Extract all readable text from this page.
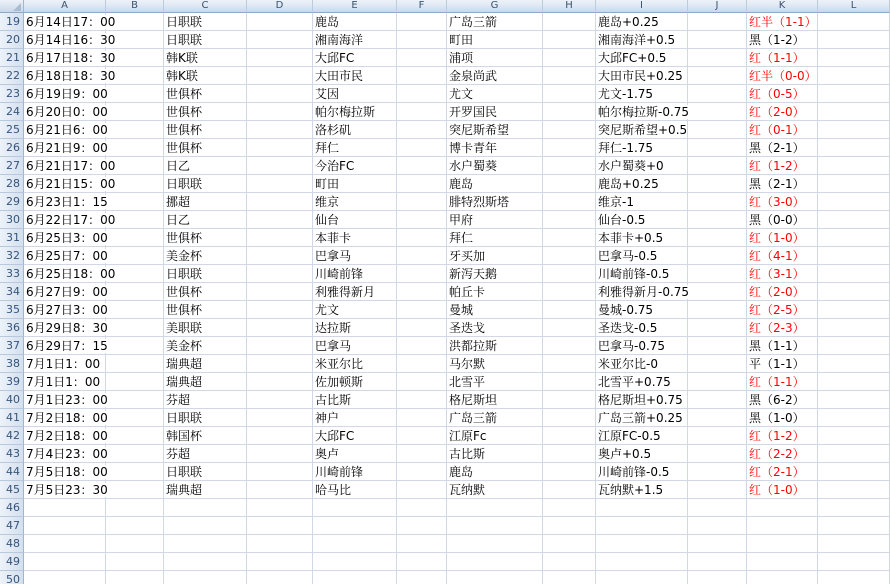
A	B	C	D	E	F	G	H	I	J	K	L
19 6月14日17：00	日职联	鹿岛	广岛三箭	鹿岛+0.25	红半（1-1）
20 6月14日16：30	日职联	湘南海洋	町田	湘南海洋+0.5	黑（1-2）
21 6月17日18：30	韩K联	大邱FC	浦项	大邱FC+0.5	红（1-1）
22 6月18日18：30	韩K联	大田市民	金泉尚武	大田市民+0.25	红半（0-0）
23 6月19日9：00	世俱杯	艾因	尤文	尤文-1.75	红（0-5）
24 6月20日0：00	世俱杯	帕尔梅拉斯	开罗国民	帕尔梅拉斯-0.75	红（2-0）
25 6月21日6：00	世俱杯	洛杉矶	突尼斯希望	突尼斯希望+0.5	红（0-1）
26 6月21日9：00	世俱杯	拜仁	博卡青年	拜仁-1.75	黑（2-1）
27 6月21日17：00	日乙	今治FC	水户蜀葵	水户蜀葵+0	红（1-2）
28 6月21日15：00	日职联	町田	鹿岛	鹿岛+0.25	黑（2-1）
29 6月23日1：15	挪超	维京	腓特烈斯塔	维京-1	红（3-0）
30 6月22日17：00	日乙	仙台	甲府	仙台-0.5	黑（0-0）
31 6月25日3：00	世俱杯	本菲卡	拜仁	本菲卡+0.5	红（1-0）
32 6月25日7：00	美金杯	巴拿马	牙买加	巴拿马-0.5	红（4-1）
33 6月25日18：00	日职联	川崎前锋	新泻天鹅	川崎前锋-0.5	红（3-1）
34 6月27日9：00	世俱杯	利雅得新月	帕丘卡	利雅得新月-0.75	红（2-0）
35 6月27日3：00	世俱杯	尤文	曼城	曼城-0.75	红（2-5）
36 6月29日8：30	美职联	达拉斯	圣迭戈	圣迭戈-0.5	红（2-3）
37 6月29日7：15	美金杯	巴拿马	洪都拉斯	巴拿马-0.75	黑（1-1）
38 7月1日1：00	瑞典超	米亚尔比	马尔默	米亚尔比-0	平（1-1）
39 7月1日1：00	瑞典超	佐加顿斯	北雪平	北雪平+0.75	红（1-1）
40 7月1日23：00	芬超	古比斯	格尼斯坦	格尼斯坦+0.75	黑（6-2）
41 7月2日18：00	日职联	神户	广岛三箭	广岛三箭+0.25	黑（1-0）
42 7月2日18：00	韩国杯	大邱FC	江原Fc	江原FC-0.5	红（1-2）
43 7月4日23：00	芬超	奥卢	古比斯	奥卢+0.5	红（2-2）
44 7月5日18：00	日职联	川崎前锋	鹿岛	川崎前锋-0.5	红（2-1）
45 7月5日23：30	瑞典超	哈马比	瓦纳默	瓦纳默+1.5	红（1-0）
46
47
48
49
50
